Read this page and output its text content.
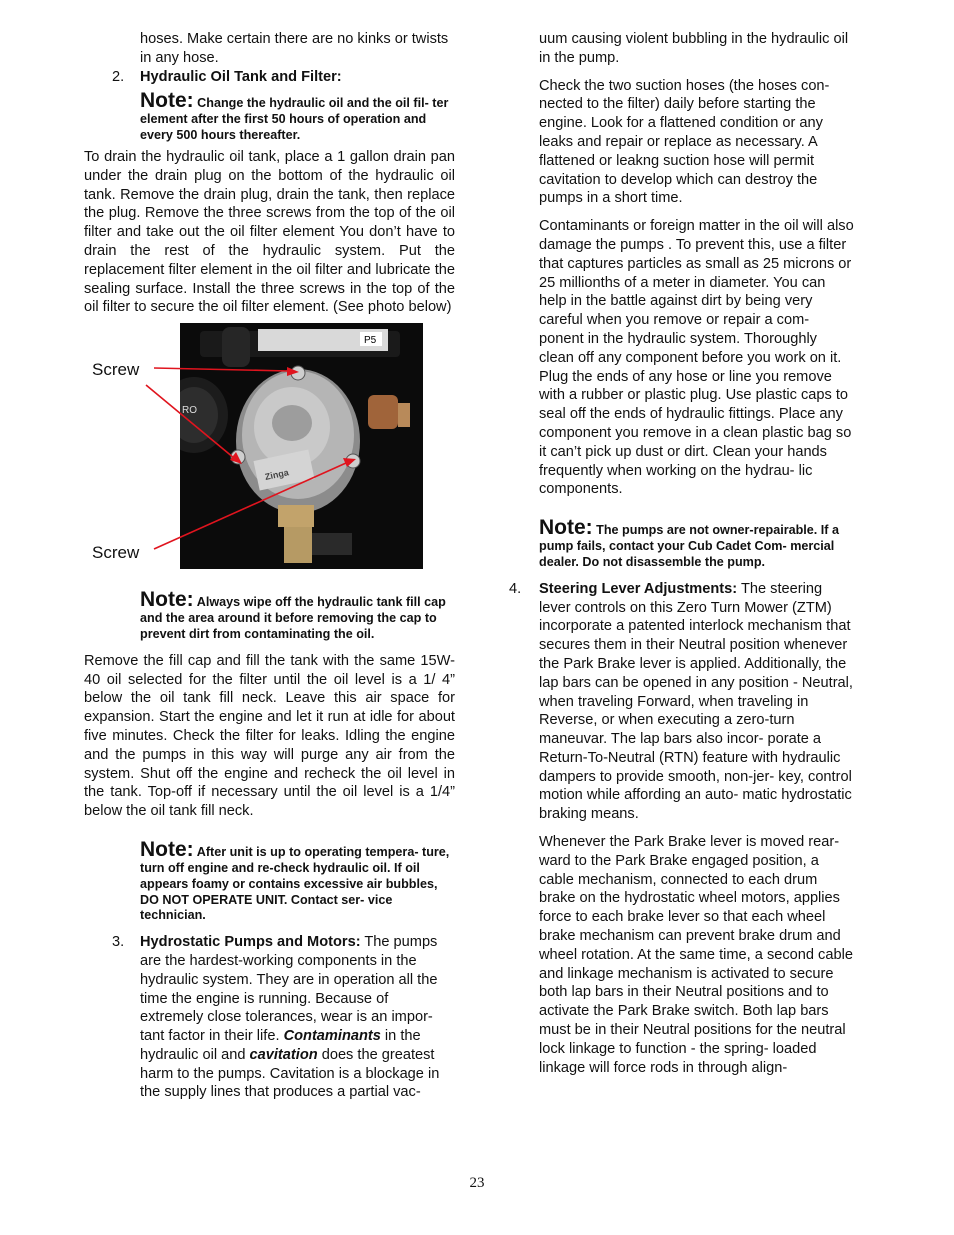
hoses. Make certain there are no kinks or twists in any hose.

2. Hydraulic Oil Tank and Filter:
Note: Change the hydraulic oil and the oil fil- ter element after the first 50 hours of operation and every 500 hours thereafter.

To drain the hydraulic oil tank, place a 1 gallon drain pan under the drain plug on the bottom of the hydraulic oil tank. Remove the drain plug, drain the tank, then replace the plug. Remove the three screws from the top of the oil filter and take out the oil filter element You don’t have to drain the rest of the hydraulic system. Put the replacement filter element in the oil filter and lubricate the sealing surface. Install the three screws in the top of the oil filter to secure the oil filter element. (See photo below)

Screw
Screw
P5
RO
Zinga
Note: Always wipe off the hydraulic tank fill cap and the area around it before removing the cap to prevent dirt from contaminating the oil.

Remove the fill cap and fill the tank with the same 15W-40 oil selected for the filter until the oil level is a 1/ 4” below the oil tank fill neck. Leave this air space for expansion. Start the engine and let it run at idle for about five minutes. Check the filter for leaks. Idling the engine and the pumps in this way will purge any air from the system. Shut off the engine and recheck the oil level in the tank. Top-off if necessary until the oil level is a 1/4” below the oil tank fill neck.

Note: After unit is up to operating tempera- ture, turn off engine and re-check hydraulic oil. If oil appears foamy or contains excessive air bubbles, DO NOT OPERATE UNIT. Contact ser- vice technician.
3. Hydrostatic Pumps and Motors: The pumps are the hardest-working components in the hydraulic system. They are in operation all the time the engine is running. Because of extremely close tolerances, wear is an impor- tant factor in their life. Contaminants in the hydraulic oil and cavitation does the greatest harm to the pumps. Cavitation is a blockage in the supply lines that produces a partial vac-

uum causing violent bubbling in the hydraulic oil in the pump.

Check the two suction hoses (the hoses con- nected to the filter) daily before starting the engine. Look for a flattened condition or any leaks and repair or replace as necessary. A flattened or leakng suction hose will permit cavitation to develop which can destroy the pumps in a short time.

Contaminants or foreign matter in the oil will also damage the pumps . To prevent this, use a filter that captures particles as small as 25 microns or 25 millionths of a meter in diameter. You can help in the battle against dirt by being very careful when you remove or repair a com- ponent in the hydraulic system. Thoroughly clean off any component before you work on it. Plug the ends of any hose or line you remove with a rubber or plastic plug. Use plastic caps to seal off the ends of hydraulic fittings. Place any component you remove in a clean plastic bag so it can’t pick up dust or dirt. Clean your hands frequently when working on the hydrau- lic components.

Note: The pumps are not owner-repairable. If a pump fails, contact your Cub Cadet Com- mercial dealer. Do not disassemble the pump.
4. Steering Lever Adjustments: The steering lever controls on this Zero Turn Mower (ZTM) incorporate a patented interlock mechanism that secures them in their Neutral position whenever the Park Brake lever is applied. Additionally, the lap bars can be opened in any position - Neutral, when traveling Forward, when traveling in Reverse, or when executing a zero-turn maneuvar. The lap bars also incor- porate a Return-To-Neutral (RTN) feature with hydraulic dampers to provide smooth, non-jer- key, control motion while affording an auto- matic hydrostatic braking means.

Whenever the Park Brake lever is moved rear- ward to the Park Brake engaged position, a cable mechanism, connected to each drum brake on the hydrostatic wheel motors, applies force to each brake lever so that each wheel brake mechanism can prevent brake drum and wheel rotation. At the same time, a second cable and linkage mechanism is activated to secure both lap bars in their Neutral positions and to activate the Park Brake switch. Both lap bars must be in their Neutral positions for the neutral lock linkage to function - the spring- loaded linkage will force rods in through align-

23
